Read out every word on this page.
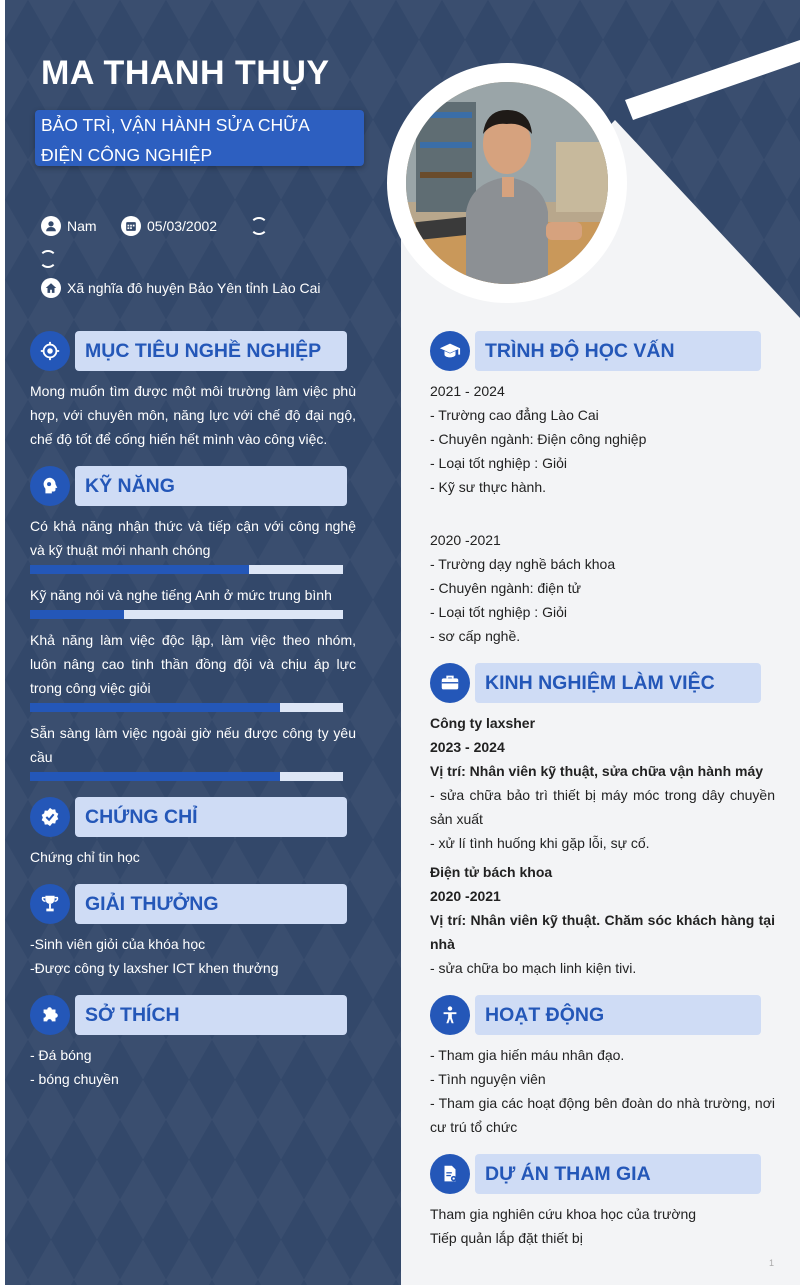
MA THANH THỤY
BẢO TRÌ, VẬN HÀNH SỬA CHỮA
ĐIỆN CÔNG NGHIỆP
Nam	05/03/2002
Xã nghĩa đô huyện Bảo Yên tỉnh Lào Cai
MỤC TIÊU NGHỀ NGHIỆP
Mong muốn tìm được một môi trường làm việc phù hợp, với chuyên môn, năng lực với chế độ đại ngộ, chế độ tốt để cống hiến hết mình vào công việc.
KỸ NĂNG
Có khả năng nhận thức và tiếp cận với công nghệ và kỹ thuật mới nhanh chóng
Kỹ năng nói và nghe tiếng Anh ở mức trung bình
Khả năng làm việc độc lập, làm việc theo nhóm, luôn nâng cao tinh thần đồng đội và chịu áp lực trong công việc giỏi
Sẵn sàng làm việc ngoài giờ nếu được công ty yêu cầu
CHỨNG CHỈ
Chứng chỉ tin học
GIẢI THƯỞNG
-Sinh viên giỏi của khóa học
-Được công ty laxsher ICT khen thưởng
SỞ THÍCH
- Đá bóng
- bóng chuyền
TRÌNH ĐỘ HỌC VẤN
2021 - 2024
- Trường cao đẳng Lào Cai
- Chuyên ngành: Điện công nghiệp
- Loại tốt nghiệp : Giỏi
- Kỹ sư thực hành.
2020 -2021
- Trường dạy nghề bách khoa
- Chuyên ngành: điện tử
- Loại tốt nghiệp : Giỏi
- sơ cấp nghề.
KINH NGHIỆM LÀM VIỆC
Công ty laxsher
2023 - 2024
Vị trí: Nhân viên kỹ thuật, sửa chữa vận hành máy
- sửa chữa bảo trì thiết bị máy móc trong dây chuyền sản xuất
- xử lí tình huống khi gặp lỗi, sự cố.
Điện tử bách khoa
2020 -2021
Vị trí: Nhân viên kỹ thuật. Chăm sóc khách hàng tại nhà
- sửa chữa bo mạch linh kiện tivi.
HOẠT ĐỘNG
- Tham gia hiến máu nhân đạo.
- Tình nguyện viên
- Tham gia các hoạt động bên đoàn do nhà trường, nơi cư trú tổ chức
DỰ ÁN THAM GIA
Tham gia nghiên cứu khoa học của trường
Tiếp quản lắp đặt thiết bị
1
